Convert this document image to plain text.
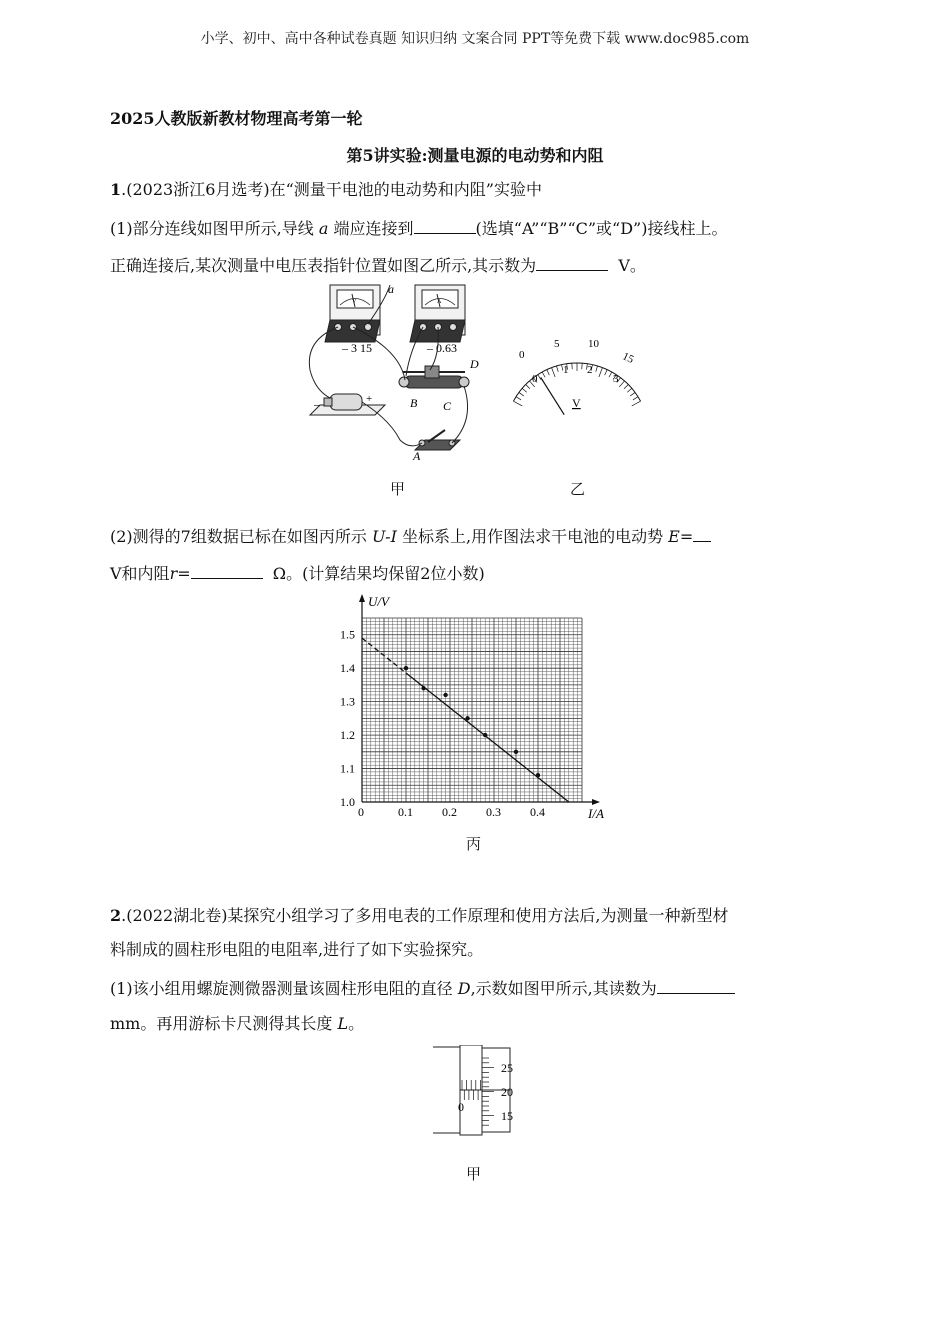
小学、初中、高中各种试卷真题 知识归纳 文案合同 PPT等免费下载 www.doc985.com
2025人教版新教材物理高考第一轮
第5讲实验:测量电源的电动势和内阻
1.(2023浙江6月选考)在“测量干电池的电动势和内阻”实验中
(1)部分连线如图甲所示,导线 a 端应连接到	(选填“A”“B”“C”或“D”)接线柱上。
正确连接后,某次测量中电压表指针位置如图乙所示,其示数为	V。
V
– 3 15
A
– 0.63
a
–	+
D
B C
A
甲
0
5	10
15
0
1 2
3
V
乙
(2)测得的7组数据已标在如图丙所示 U-I 坐标系上,用作图法求干电池的电动势 E=
V和内阻r=	Ω。(计算结果均保留2位小数)
0	0.1 0.2 0.3 0.4
1.0
1.1
1.2
1.3
1.4
1.5
U/V
I/A
丙
2.(2022湖北卷)某探究小组学习了多用电表的工作原理和使用方法后,为测量一种新型材
料制成的圆柱形电阻的电阻率,进行了如下实验探究。
(1)该小组用螺旋测微器测量该圆柱形电阻的直径 D,示数如图甲所示,其读数为
mm。再用游标卡尺测得其长度 L。
25
20
15
0
甲
